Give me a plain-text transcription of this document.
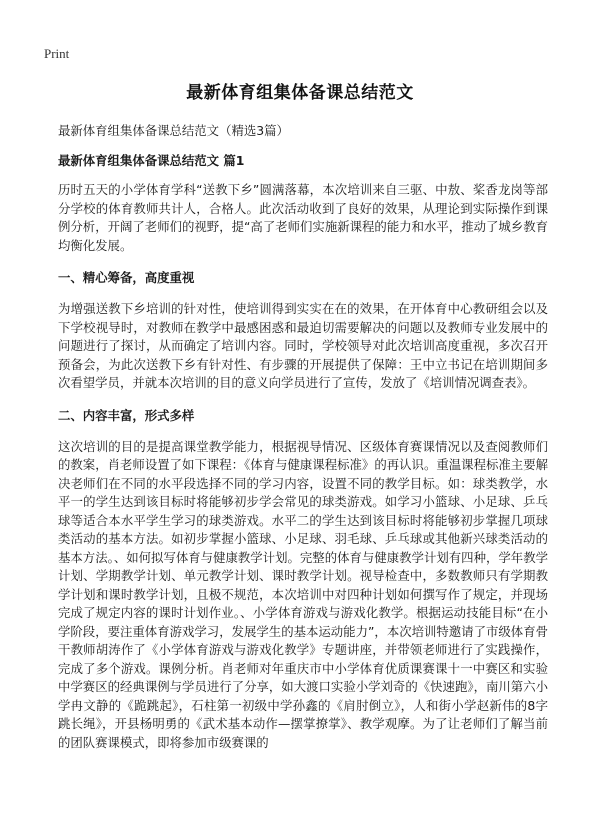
Print
最新体育组集体备课总结范文
最新体育组集体备课总结范文（精选3篇）
最新体育组集体备课总结范文 篇1
历时五天的小学体育学科“送教下乡”圆满落幕，本次培训来自三驱、中敖、桨香龙岗等部分学校的体育教师共计人，合格人。此次活动收到了良好的效果，从理论到实际操作到课例分析，开阔了老师们的视野，提“高了老师们实施新课程的能力和水平，推动了城乡教育均衡化发展。
一、精心筹备，高度重视
为增强送教下乡培训的针对性，使培训得到实实在在的效果，在开体育中心教研组会以及下学校视导时，对教师在教学中最感困惑和最迫切需要解决的问题以及教师专业发展中的问题进行了探讨，从而确定了培训内容。同时，学校领导对此次培训高度重视，多次召开预备会，为此次送教下乡有针对性、有步骤的开展提供了保障：王中立书记在培训期间多次看望学员，并就本次培训的目的意义向学员进行了宣传，发放了《培训情况调查表》。
二、内容丰富，形式多样
这次培训的目的是提高课堂教学能力，根据视导情况、区级体育赛课情况以及查阅教师们的教案，肖老师设置了如下课程：《体育与健康课程标准》的再认识。重温课程标准主要解决老师们在不同的水平段选择不同的学习内容，设置不同的教学目标。如：球类教学，水平一的学生达到该目标时将能够初步学会常见的球类游戏。如学习小篮球、小足球、乒乓球等适合本水平学生学习的球类游戏。水平二的学生达到该目标时将能够初步掌握几项球类活动的基本方法。如初步掌握小篮球、小足球、羽毛球、乒乓球或其他新兴球类活动的基本方法。、如何拟写体育与健康教学计划。完整的体育与健康教学计划有四种，学年教学计划、学期教学计划、单元教学计划、课时教学计划。视导检查中，多数教师只有学期教学计划和课时教学计划，且极不规范，本次培训中对四种计划如何撰写作了规定，并现场完成了规定内容的课时计划作业。、小学体育游戏与游戏化教学。根据运动技能目标“在小学阶段，要注重体育游戏学习，发展学生的基本运动能力”，本次培训特邀请了市级体育骨干教师胡涛作了《小学体育游戏与游戏化教学》专题讲座，并带领老师进行了实践操作，完成了多个游戏。课例分析。肖老师对年重庆市中小学体育优质课赛课十一中赛区和实验中学赛区的经典课例与学员进行了分享，如大渡口实验小学刘奇的《快速跑》，南川第六小学冉文静的《跪跳起》，石柱第一初级中学孙鑫的《肩肘倒立》，人和街小学赵新伟的8字跳长绳》，开县杨明勇的《武术基本动作—摆掌撩掌》、教学观摩。为了让老师们了解当前的团队赛课模式，即将参加市级赛课的
